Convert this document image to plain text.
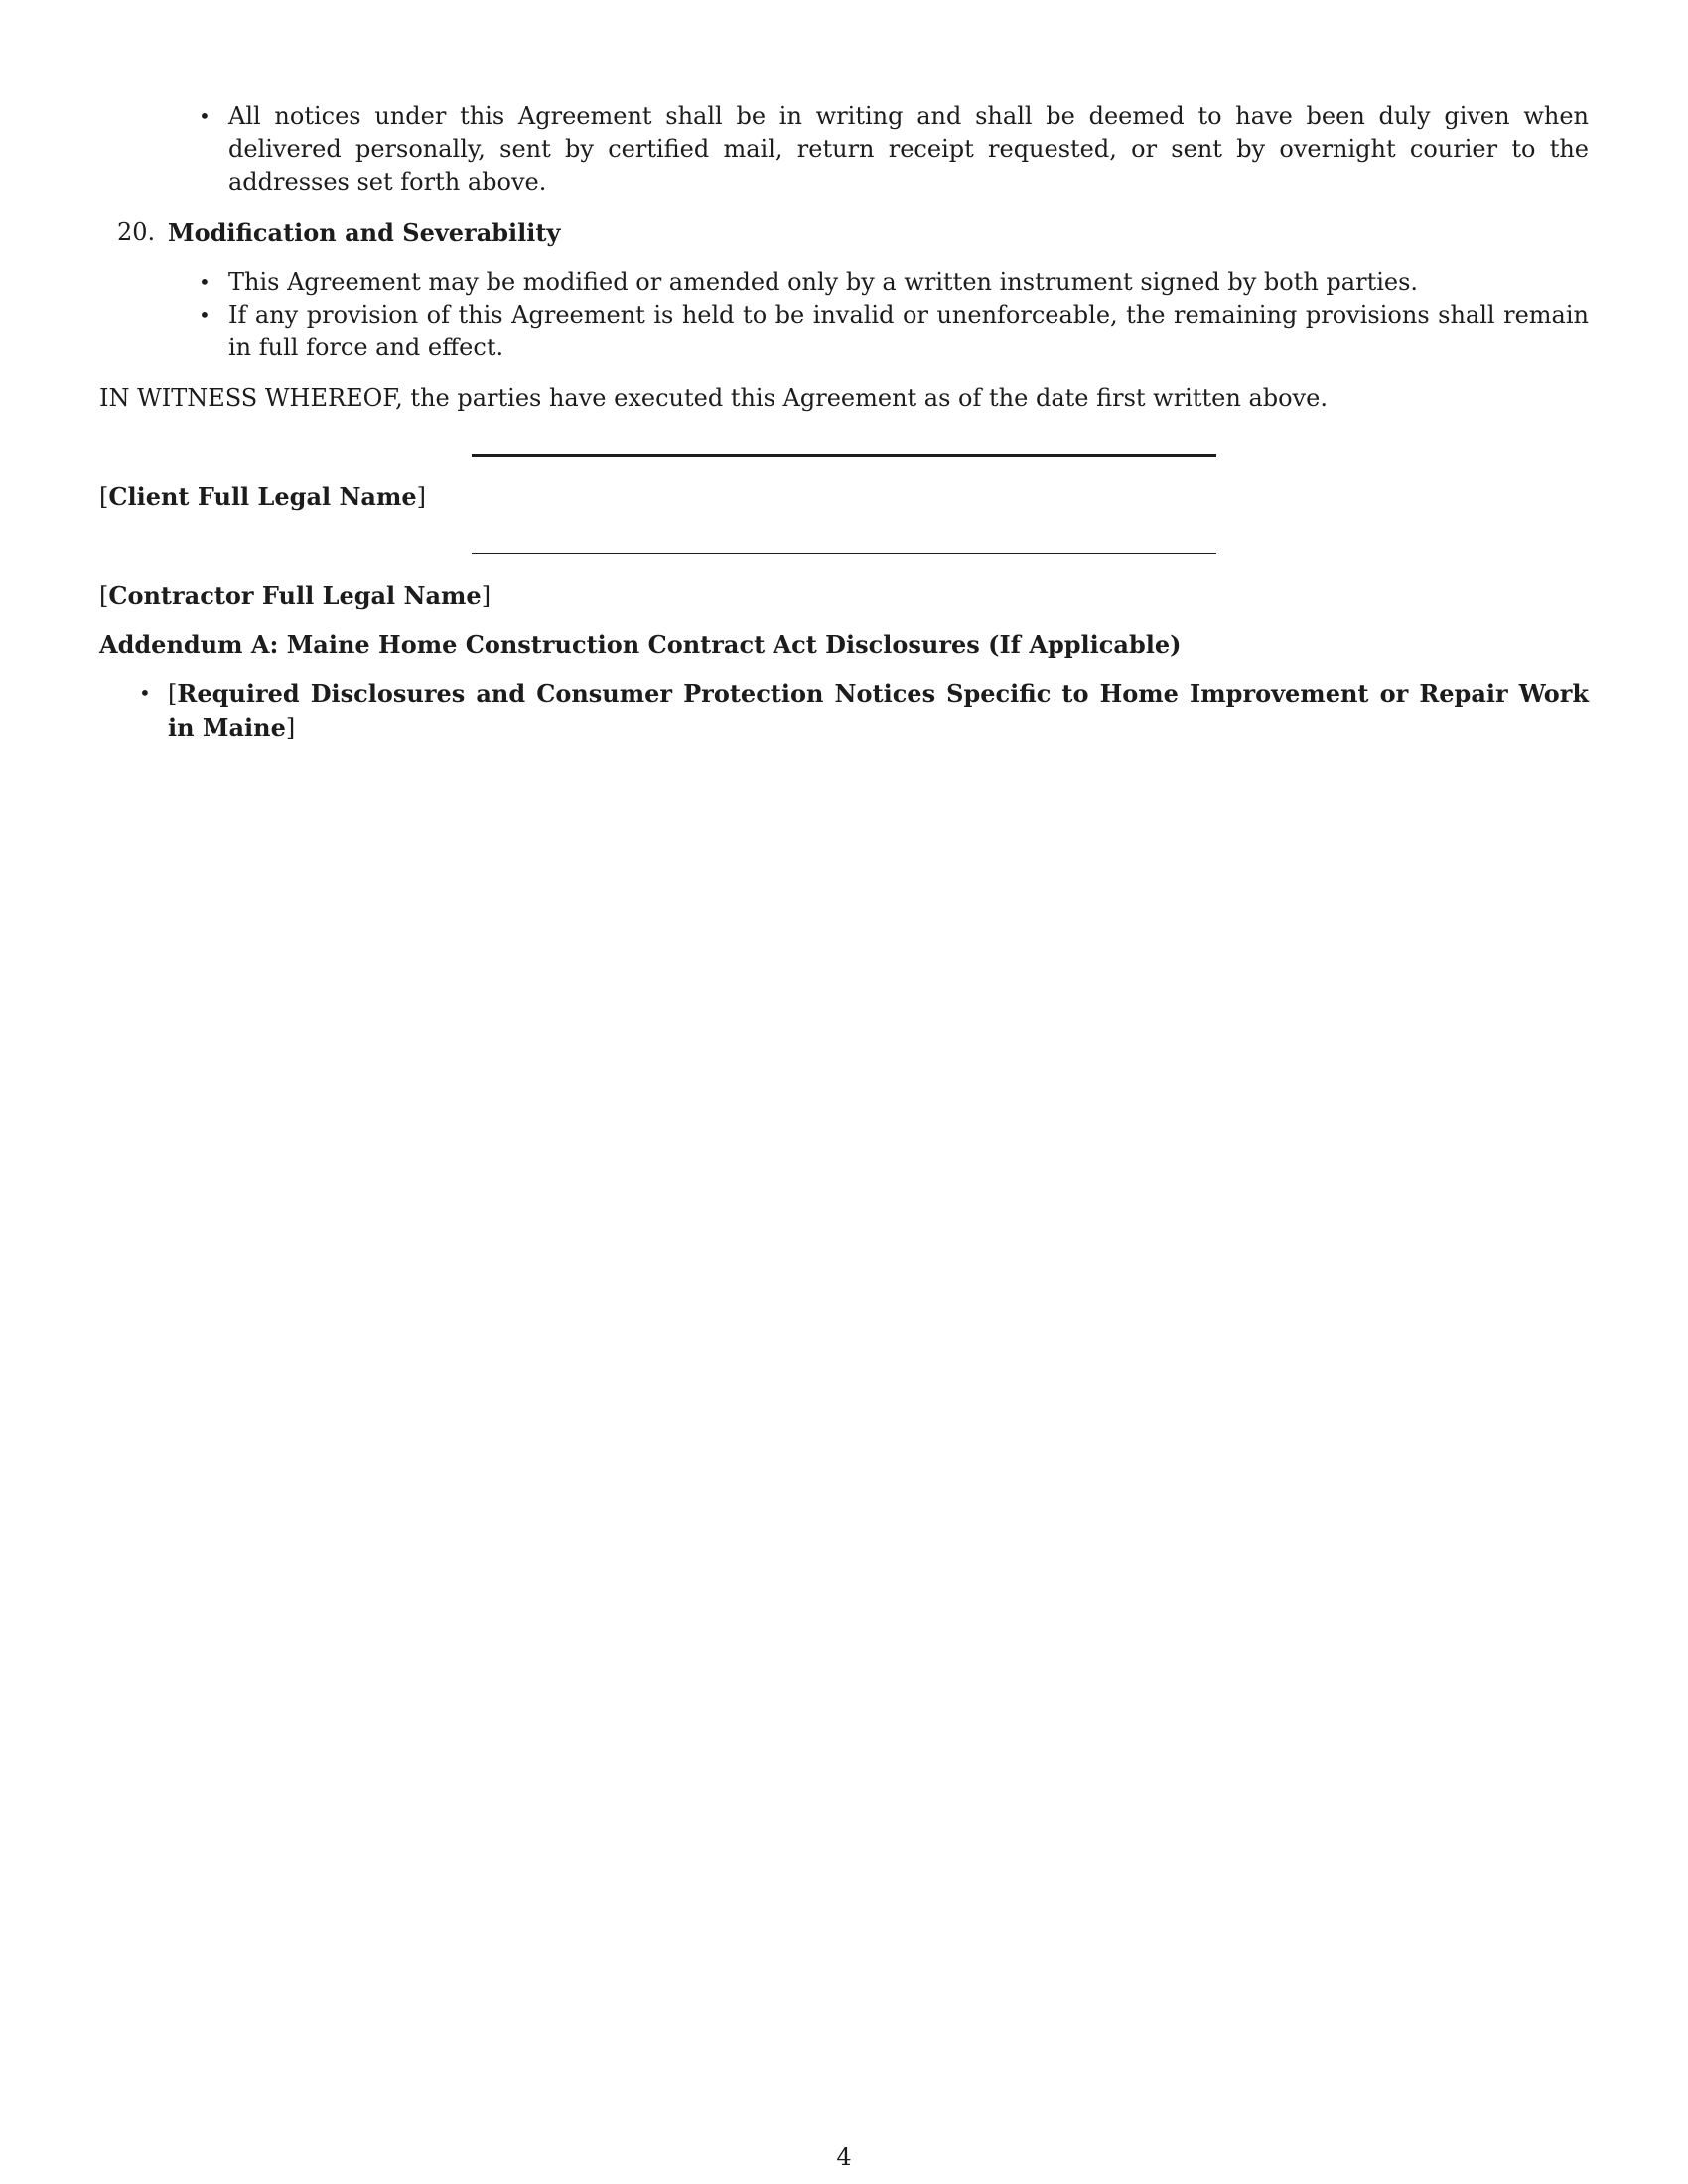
• All notices under this Agreement shall be in writing and shall be deemed to have been duly given when delivered personally, sent by certified mail, return receipt requested, or sent by overnight courier to the addresses set forth above.
20. Modification and Severability
• This Agreement may be modified or amended only by a written instrument signed by both parties.
• If any provision of this Agreement is held to be invalid or unenforceable, the remaining provisions shall remain in full force and effect.
IN WITNESS WHEREOF, the parties have executed this Agreement as of the date first written above.
[Client Full Legal Name]
[Contractor Full Legal Name]
Addendum A: Maine Home Construction Contract Act Disclosures (If Applicable)
• [Required Disclosures and Consumer Protection Notices Specific to Home Improvement or Repair Work in Maine]
4
